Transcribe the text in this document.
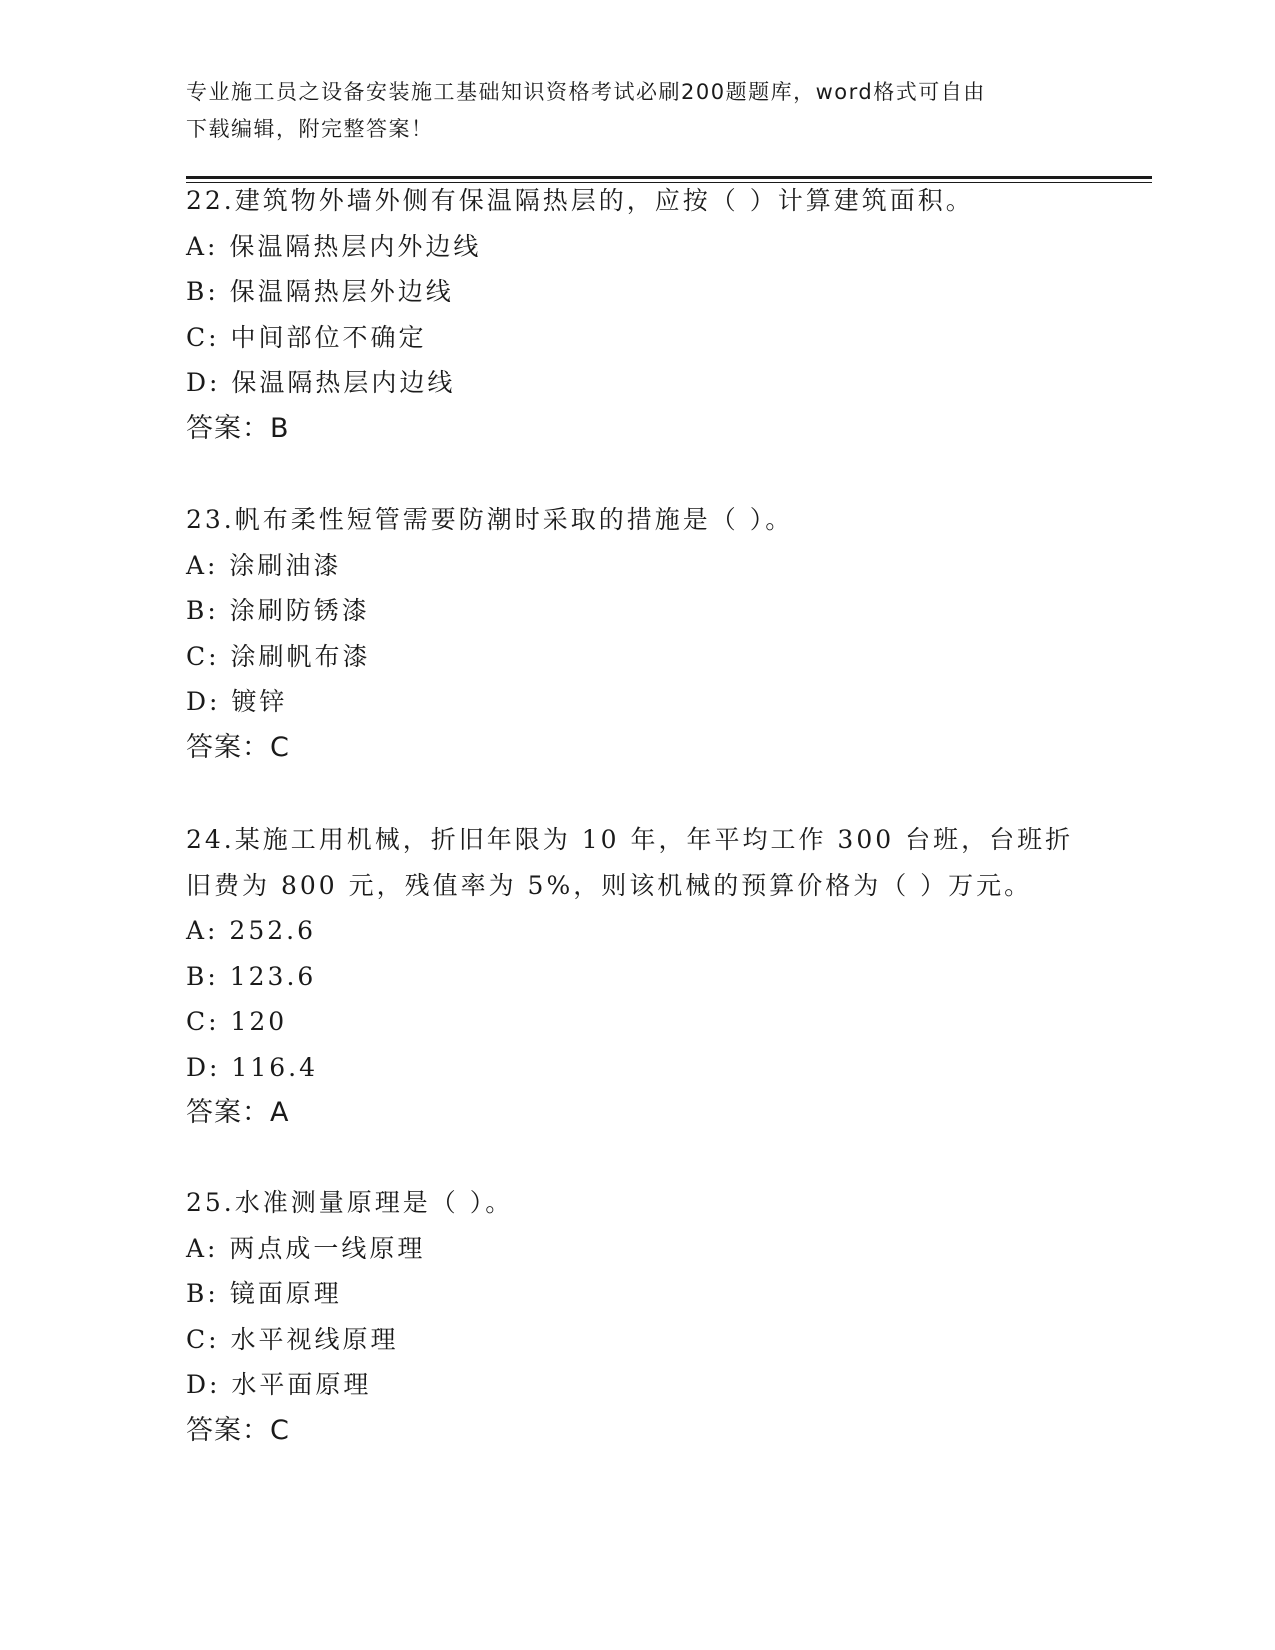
专业施工员之设备安装施工基础知识资格考试必刷200题题库，word格式可自由
下载编辑，附完整答案！
22.建筑物外墙外侧有保温隔热层的，应按（ ）计算建筑面积。
A: 保温隔热层内外边线
B: 保温隔热层外边线
C: 中间部位不确定
D: 保温隔热层内边线
答案：B
23.帆布柔性短管需要防潮时采取的措施是（ ）。
A: 涂刷油漆
B: 涂刷防锈漆
C: 涂刷帆布漆
D: 镀锌
答案：C
24.某施工用机械，折旧年限为 10 年，年平均工作 300 台班，台班折
旧费为 800 元，残值率为 5%，则该机械的预算价格为（ ）万元。
A: 252.6
B: 123.6
C: 120
D: 116.4
答案：A
25.水准测量原理是（ ）。
A: 两点成一线原理
B: 镜面原理
C: 水平视线原理
D: 水平面原理
答案：C
